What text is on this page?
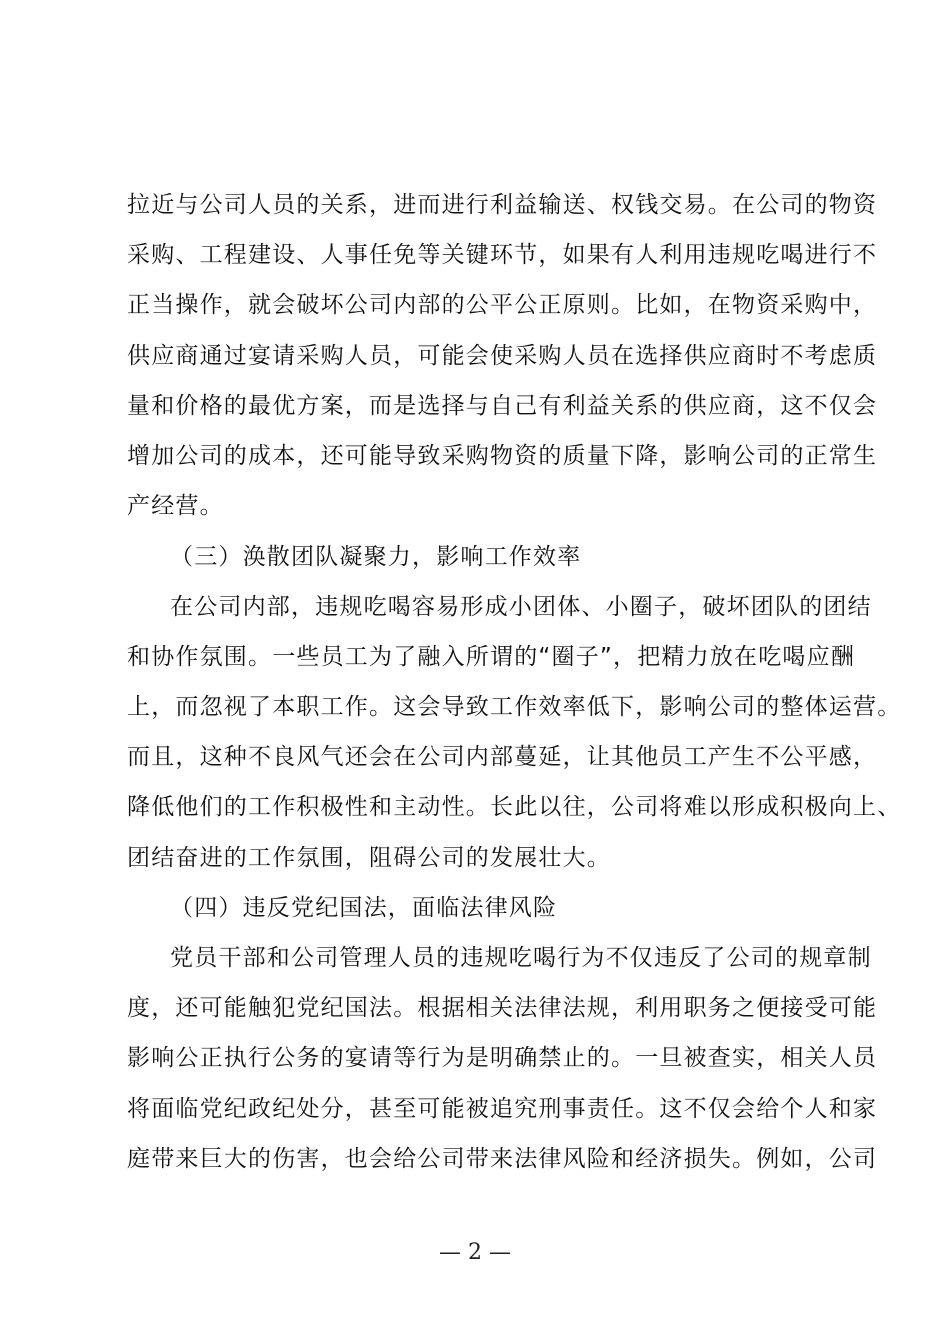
拉近与公司人员的关系，进而进行利益输送、权钱交易。在公司的物资
采购、工程建设、人事任免等关键环节，如果有人利用违规吃喝进行不
正当操作，就会破坏公司内部的公平公正原则。比如，在物资采购中，
供应商通过宴请采购人员，可能会使采购人员在选择供应商时不考虑质
量和价格的最优方案，而是选择与自己有利益关系的供应商，这不仅会
增加公司的成本，还可能导致采购物资的质量下降，影响公司的正常生
产经营。
（三）涣散团队凝聚力，影响工作效率
在公司内部，违规吃喝容易形成小团体、小圈子，破坏团队的团结
和协作氛围。一些员工为了融入所谓的“圈子”，把精力放在吃喝应酬
上，而忽视了本职工作。这会导致工作效率低下，影响公司的整体运营。
而且，这种不良风气还会在公司内部蔓延，让其他员工产生不公平感，
降低他们的工作积极性和主动性。长此以往，公司将难以形成积极向上、
团结奋进的工作氛围，阻碍公司的发展壮大。
（四）违反党纪国法，面临法律风险
党员干部和公司管理人员的违规吃喝行为不仅违反了公司的规章制
度，还可能触犯党纪国法。根据相关法律法规，利用职务之便接受可能
影响公正执行公务的宴请等行为是明确禁止的。一旦被查实，相关人员
将面临党纪政纪处分，甚至可能被追究刑事责任。这不仅会给个人和家
庭带来巨大的伤害，也会给公司带来法律风险和经济损失。例如，公司
— 2 —
